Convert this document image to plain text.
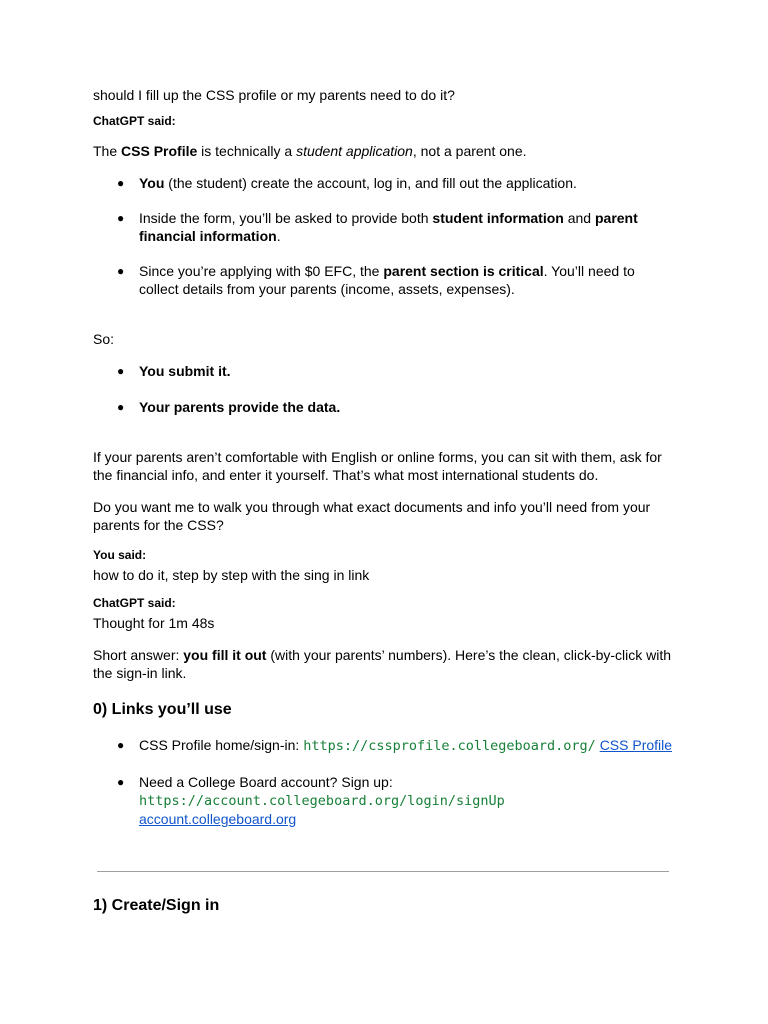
should I fill up the CSS profile or my parents need to do it?

ChatGPT said:

The CSS Profile is technically a student application, not a parent one.

● You (the student) create the account, log in, and fill out the application.
● Inside the form, you’ll be asked to provide both student information and parent financial information.
● Since you’re applying with $0 EFC, the parent section is critical. You’ll need to collect details from your parents (income, assets, expenses).

So:

● You submit it.
● Your parents provide the data.

If your parents aren’t comfortable with English or online forms, you can sit with them, ask for the financial info, and enter it yourself. That’s what most international students do.

Do you want me to walk you through what exact documents and info you’ll need from your parents for the CSS?

You said:

how to do it, step by step with the sing in link

ChatGPT said:

Thought for 1m 48s

Short answer: you fill it out (with your parents’ numbers). Here’s the clean, click-by-click with the sign-in link.

0) Links you’ll use
● CSS Profile home/sign-in: https://cssprofile.collegeboard.org/ CSS Profile
● Need a College Board account? Sign up:
https://account.collegeboard.org/login/signUp
account.collegeboard.org
1) Create/Sign in
